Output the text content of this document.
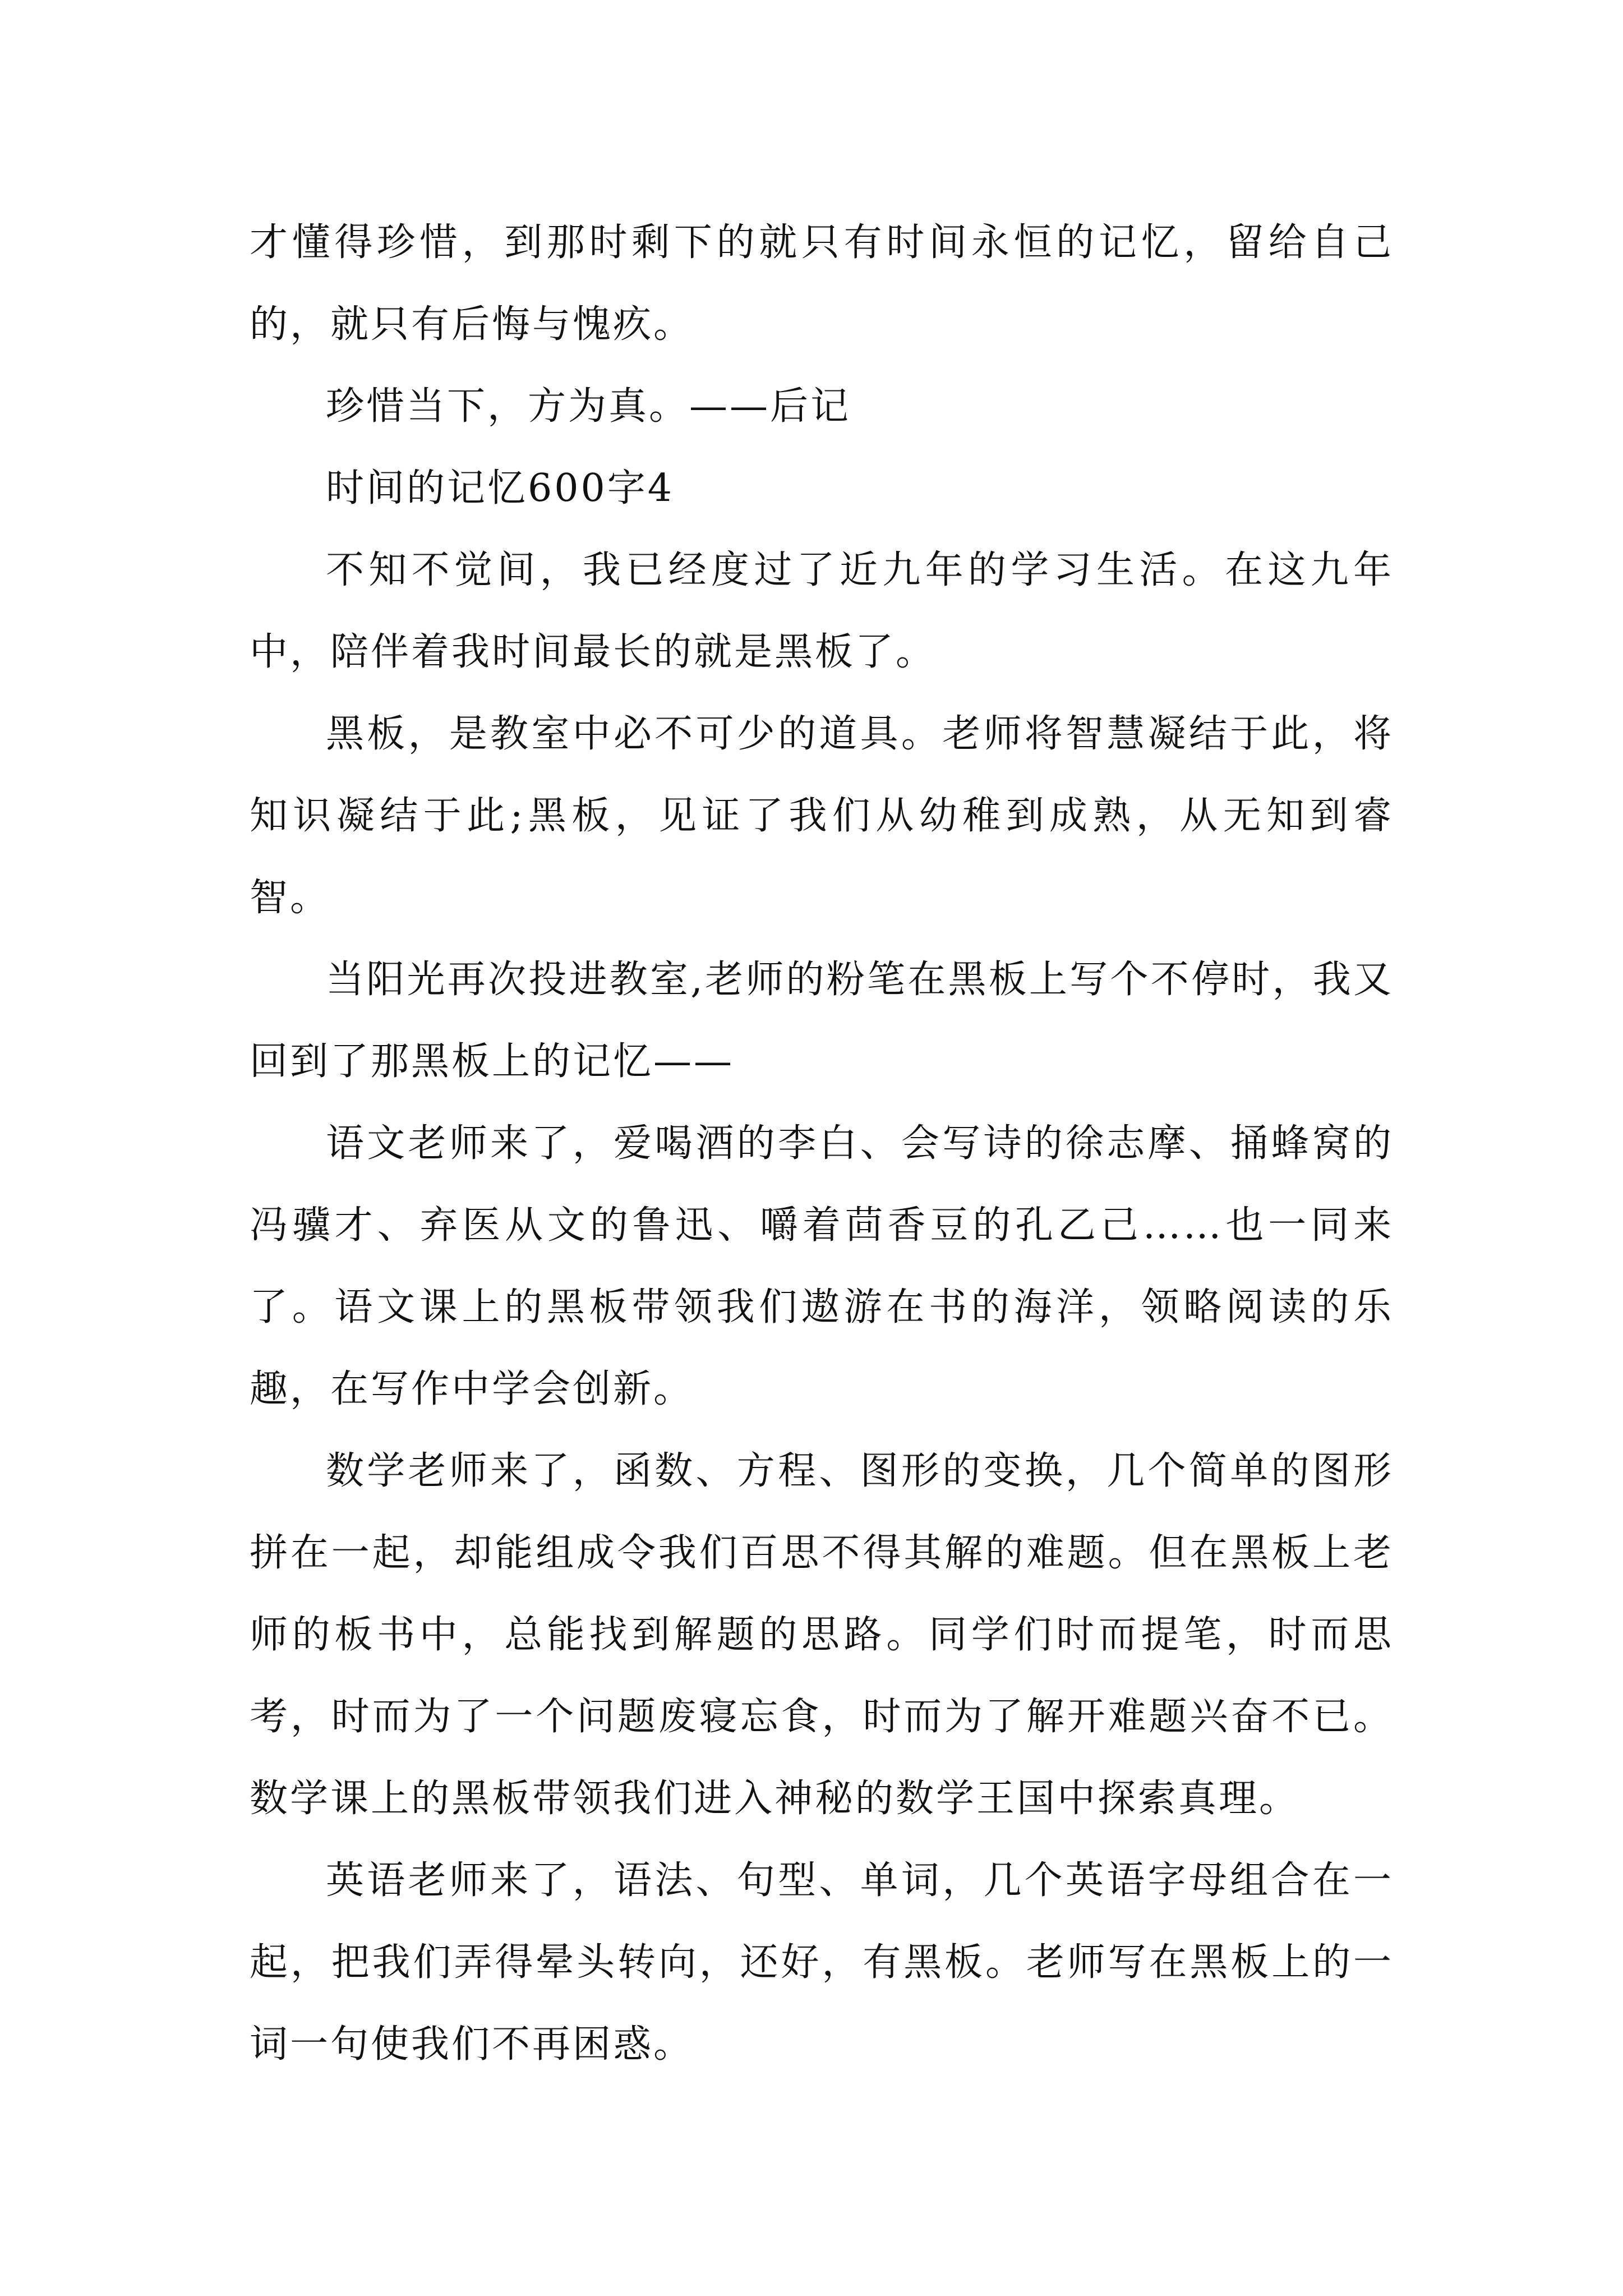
才懂得珍惜，到那时剩下的就只有时间永恒的记忆，留给自己的，就只有后悔与愧疚。

珍惜当下，方为真。——后记

时间的记忆600字4

不知不觉间，我已经度过了近九年的学习生活。在这九年中，陪伴着我时间最长的就是黑板了。

黑板，是教室中必不可少的道具。老师将智慧凝结于此，将知识凝结于此;黑板，见证了我们从幼稚到成熟，从无知到睿智。

当阳光再次投进教室,老师的粉笔在黑板上写个不停时，我又回到了那黑板上的记忆——

语文老师来了，爱喝酒的李白、会写诗的徐志摩、捅蜂窝的冯骥才、弃医从文的鲁迅、嚼着茴香豆的孔乙己……也一同来了。语文课上的黑板带领我们遨游在书的海洋，领略阅读的乐趣，在写作中学会创新。

数学老师来了，函数、方程、图形的变换，几个简单的图形拼在一起，却能组成令我们百思不得其解的难题。但在黑板上老师的板书中，总能找到解题的思路。同学们时而提笔，时而思考，时而为了一个问题废寝忘食，时而为了解开难题兴奋不已。数学课上的黑板带领我们进入神秘的数学王国中探索真理。

英语老师来了，语法、句型、单词，几个英语字母组合在一起，把我们弄得晕头转向，还好，有黑板。老师写在黑板上的一词一句使我们不再困惑。
